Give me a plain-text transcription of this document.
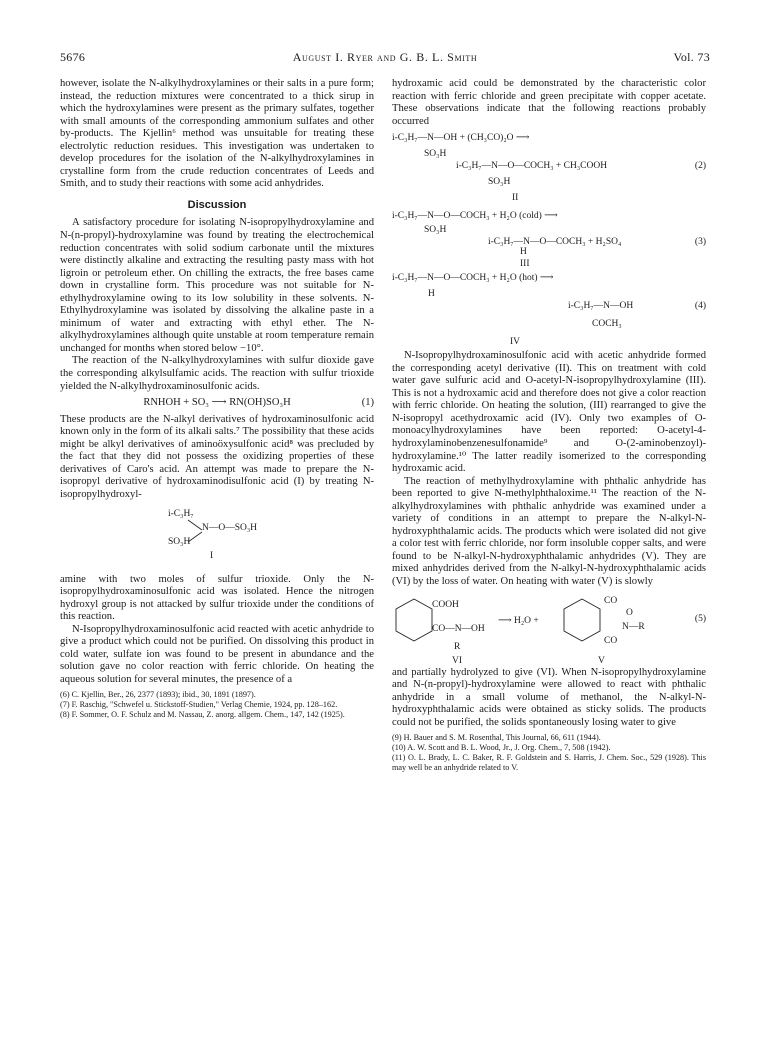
5676	August I. Ryer and G. B. L. Smith	Vol. 73

however, isolate the N-alkylhydroxylamines or their salts in a pure form; instead, the reduction mixtures were concentrated to a thick sirup in which the hydroxylamines were present as the primary sulfates, together with small amounts of the corresponding ammonium sulfates and other by-products. The Kjellin⁶ method was unsuitable for treating these electrolytic reduction residues. This investigation was undertaken to develop procedures for the isolation of the N-alkylhydroxylamines in crystalline form from the crude reduction concentrates of Leeds and Smith, and to study their reactions with some acid anhydrides.

Discussion

A satisfactory procedure for isolating N-isopropylhydroxylamine and N-(n-propyl)-hydroxylamine was found by treating the electrochemical reduction concentrates with solid sodium carbonate until the mixtures were distinctly alkaline and extracting the resulting pasty mass with hot ligroin or petroleum ether. On chilling the extracts, the free bases came down in crystalline form. This procedure was not suitable for N-ethylhydroxylamine owing to its low solubility in these solvents. N-Ethylhydroxylamine was isolated by dissolving the alkaline paste in a minimum of water and extracting with ethyl ether. The N-alkylhydroxylamines although quite unstable at room temperature remain unchanged for months when stored below −10°.

The reaction of the N-alkylhydroxylamines with sulfur dioxide gave the corresponding alkylsulfamic acids. The reaction with sulfur trioxide yielded the N-alkylhydroxaminosulfonic acids.

RNHOH + SO₃ ⟶ RN(OH)SO₃H	(1)

These products are the N-alkyl derivatives of hydroxaminosulfonic acid known only in the form of its alkali salts.⁷ The possibility that these acids might be alkyl derivatives of aminoöxysulfonic acid⁸ was precluded by the fact that they did not possess the oxidizing properties of these derivatives of Caro's acid. An attempt was made to prepare the N-isopropyl derivative of hydroxaminodisulfonic acid (I) by treating N-isopropylhydroxyl-

i-C₃H₇
N—O—SO₃H
SO₃H
I

amine with two moles of sulfur trioxide. Only the N-isopropylhydroxaminosulfonic acid was isolated. Hence the nitrogen hydroxyl group is not attacked by sulfur trioxide under the conditions of this reaction.

N-Isopropylhydroxaminosulfonic acid reacted with acetic anhydride to give a product which could not be purified. On dissolving this product in cold water, sulfate ion was found to be present in abundance and the solution gave no color reaction with ferric chloride. On heating the aqueous solution for several minutes, the presence of a

(6) C. Kjellin, Ber., 26, 2377 (1893); ibid., 30, 1891 (1897).

(7) F. Raschig, "Schwefel u. Stickstoff-Studien," Verlag Chemie, 1924, pp. 128–162.

(8) F. Sommer, O. F. Schulz and M. Nassau, Z. anorg. allgem. Chem., 147, 142 (1925).

hydroxamic acid could be demonstrated by the characteristic color reaction with ferric chloride and green precipitate with copper acetate. These observations indicate that the following reactions probably occurred

i-C₃H₇—N—OH + (CH₃CO)₂O ⟶
SO₃H
i-C₃H₇—N—O—COCH₃ + CH₃COOH	(2)
SO₃H
II
i-C₃H₇—N—O—COCH₃ + H₂O (cold) ⟶
SO₃H
i-C₃H₇—N—O—COCH₃ + H₂SO₄	(3)
H
III
i-C₃H₇—N—O—COCH₃ + H₂O (hot) ⟶
H
i-C₃H₇—N—OH	(4)
COCH₃
IV

N-Isopropylhydroxaminosulfonic acid with acetic anhydride formed the corresponding acetyl derivative (II). This on treatment with cold water gave sulfuric acid and O-acetyl-N-isopropylhydroxylamine (III). This is not a hydroxamic acid and therefore does not give a color reaction with ferric chloride. On heating the solution, (III) rearranged to give the N-isopropyl acethydroxamic acid (IV). Only two examples of O-monoacylhydroxylamines have been reported: O-acetyl-4-hydroxylaminobenzenesulfonamide⁹ and O-(2-aminobenzoyl)-hydroxylamine.¹⁰ The latter readily isomerized to the corresponding hydroxamic acid.

The reaction of methylhydroxylamine with phthalic anhydride has been reported to give N-methylphthaloxime.¹¹ The reaction of the N-alkylhydroxylamines with phthalic anhydride was examined under a variety of conditions in an attempt to prepare the N-alkyl-N-hydroxyphthalamic acids. The products which were isolated did not give a color test with ferric chloride, nor form insoluble copper salts, and were found to be N-alkyl-N-hydroxyphthalamic anhydrides (V). They are mixed anhydrides derived from the N-alkyl-N-hydroxyphthalamic acids (VI) by the loss of water. On heating with water (V) is slowly

COOH
CO—N—OH
R
⟶ H₂O +
CO
O
N—R
CO
(5)
VI	V

and partially hydrolyzed to give (VI). When N-isopropylhydroxylamine and N-(n-propyl)-hydroxylamine were allowed to react with phthalic anhydride in a small volume of methanol, the N-alkyl-N-hydroxyphthalamic acids were obtained as sticky solids. The products could not be purified, the solids spontaneously losing water to give

(9) H. Bauer and S. M. Rosenthal, This Journal, 66, 611 (1944).

(10) A. W. Scott and B. L. Wood, Jr., J. Org. Chem., 7, 508 (1942).

(11) O. L. Brady, L. C. Baker, R. F. Goldstein and S. Harris, J. Chem. Soc., 529 (1928). This may well be an anhydride related to V.
